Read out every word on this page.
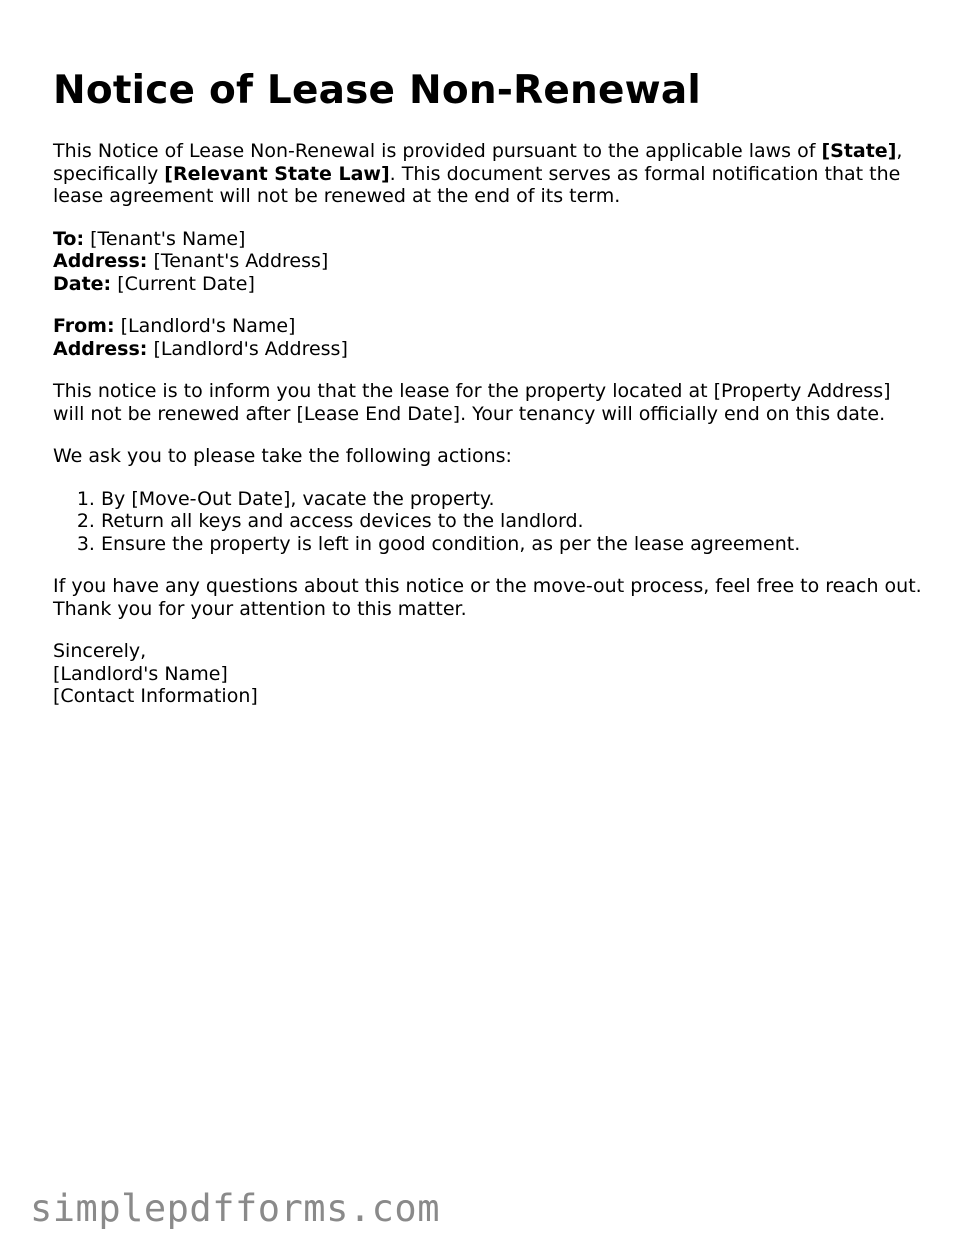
Notice of Lease Non-Renewal

This Notice of Lease Non-Renewal is provided pursuant to the applicable laws of [State], specifically [Relevant State Law]. This document serves as formal notification that the lease agreement will not be renewed at the end of its term.

To: [Tenant's Name]
Address: [Tenant's Address]
Date: [Current Date]

From: [Landlord's Name]
Address: [Landlord's Address]

This notice is to inform you that the lease for the property located at [Property Address] will not be renewed after [Lease End Date]. Your tenancy will officially end on this date.

We ask you to please take the following actions:

1. By [Move-Out Date], vacate the property.
2. Return all keys and access devices to the landlord.
3. Ensure the property is left in good condition, as per the lease agreement.

If you have any questions about this notice or the move-out process, feel free to reach out. Thank you for your attention to this matter.

Sincerely,
[Landlord's Name]
[Contact Information]

simplepdfforms.com
